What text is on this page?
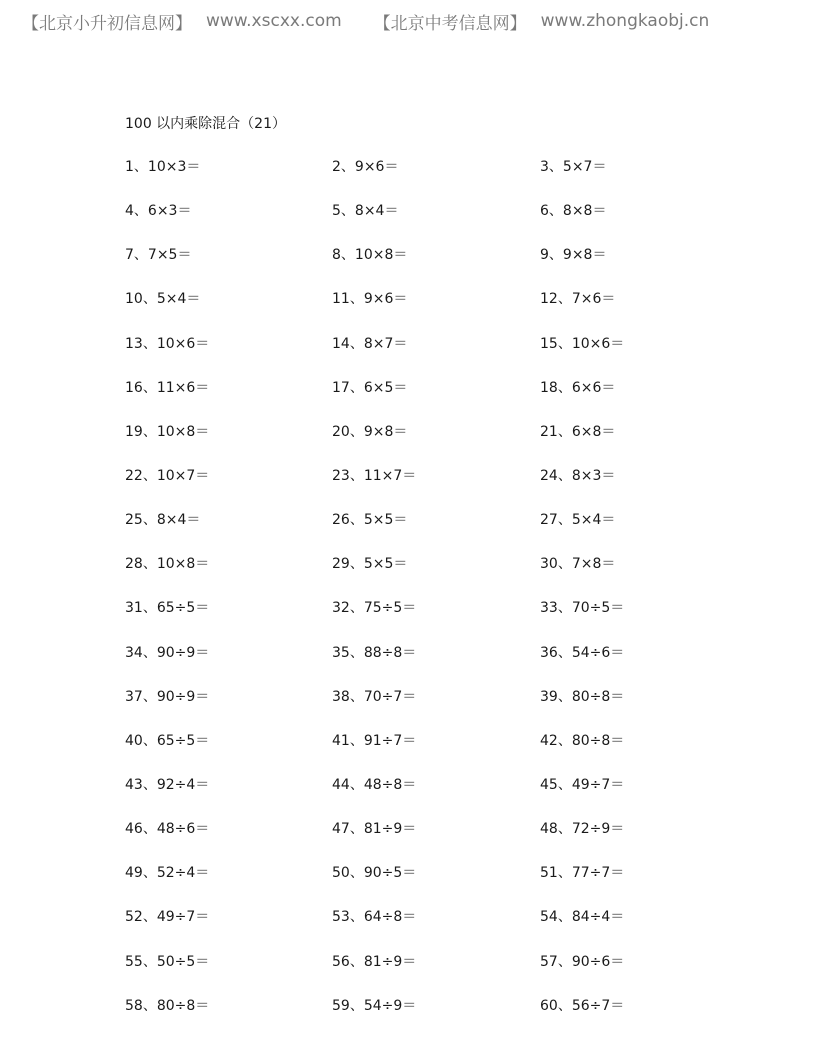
【北京小升初信息网】 www.xscxx.com 【北京中考信息网】 www.zhongkaobj.cn
100 以内乘除混合（21）
1、10×3＝	2、9×6＝	3、5×7＝
4、6×3＝	5、8×4＝	6、8×8＝
7、7×5＝	8、10×8＝	9、9×8＝
10、5×4＝	11、9×6＝	12、7×6＝
13、10×6＝	14、8×7＝	15、10×6＝
16、11×6＝	17、6×5＝	18、6×6＝
19、10×8＝	20、9×8＝	21、6×8＝
22、10×7＝	23、11×7＝	24、8×3＝
25、8×4＝	26、5×5＝	27、5×4＝
28、10×8＝	29、5×5＝	30、7×8＝
31、65÷5＝	32、75÷5＝	33、70÷5＝
34、90÷9＝	35、88÷8＝	36、54÷6＝
37、90÷9＝	38、70÷7＝	39、80÷8＝
40、65÷5＝	41、91÷7＝	42、80÷8＝
43、92÷4＝	44、48÷8＝	45、49÷7＝
46、48÷6＝	47、81÷9＝	48、72÷9＝
49、52÷4＝	50、90÷5＝	51、77÷7＝
52、49÷7＝	53、64÷8＝	54、84÷4＝
55、50÷5＝	56、81÷9＝	57、90÷6＝
58、80÷8＝	59、54÷9＝	60、56÷7＝
